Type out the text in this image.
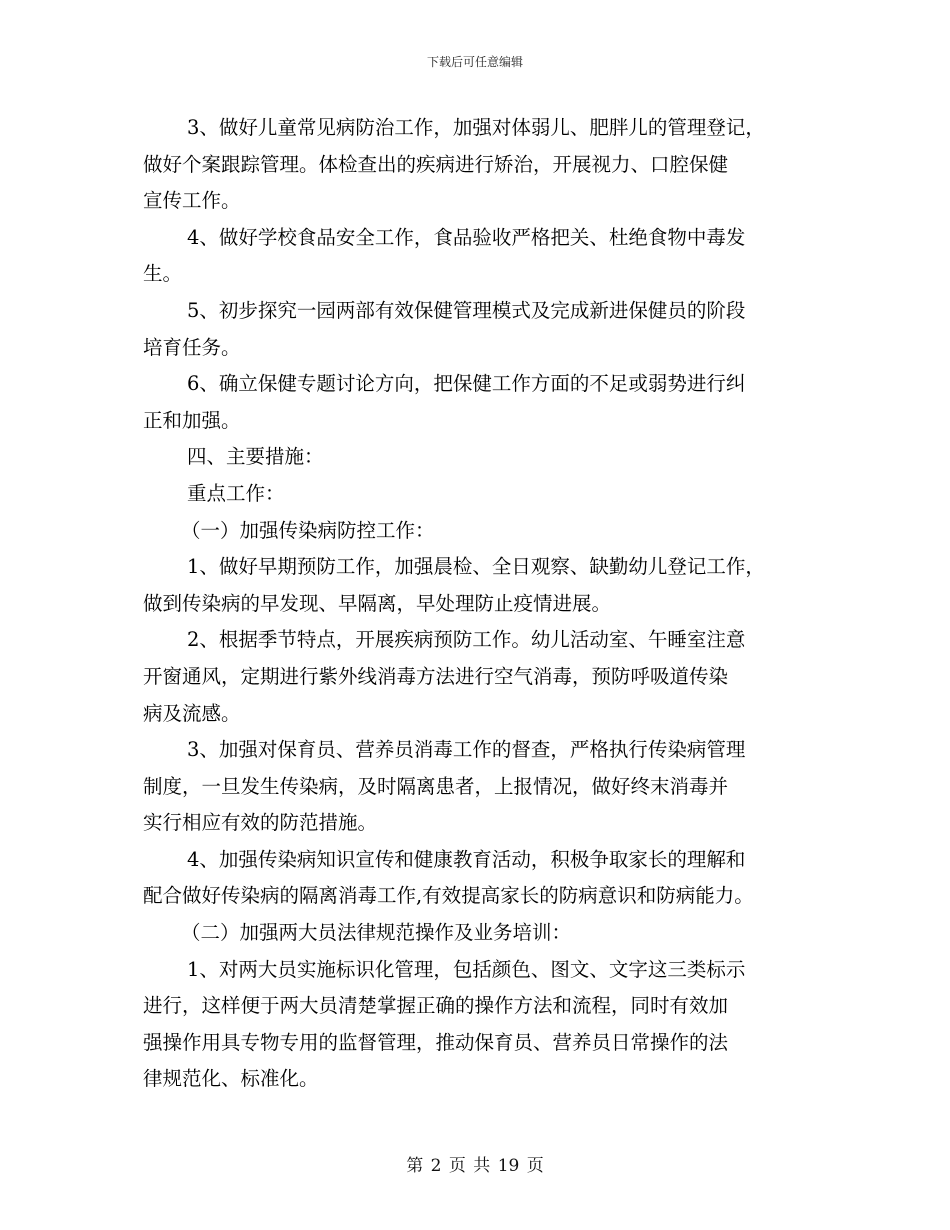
下载后可任意编辑
3、做好儿童常见病防治工作，加强对体弱儿、肥胖儿的管理登记，
做好个案跟踪管理。体检查出的疾病进行矫治，开展视力、口腔保健
宣传工作。
4、做好学校食品安全工作，食品验收严格把关、杜绝食物中毒发
生。
5、初步探究一园两部有效保健管理模式及完成新进保健员的阶段
培育任务。
6、确立保健专题讨论方向，把保健工作方面的不足或弱势进行纠
正和加强。
四、主要措施：
重点工作：
（一）加强传染病防控工作：
1、做好早期预防工作，加强晨检、全日观察、缺勤幼儿登记工作，
做到传染病的早发现、早隔离，早处理防止疫情进展。
2、根据季节特点，开展疾病预防工作。幼儿活动室、午睡室注意
开窗通风，定期进行紫外线消毒方法进行空气消毒，预防呼吸道传染
病及流感。
3、加强对保育员、营养员消毒工作的督查，严格执行传染病管理
制度，一旦发生传染病，及时隔离患者，上报情况，做好终末消毒并
实行相应有效的防范措施。
4、加强传染病知识宣传和健康教育活动，积极争取家长的理解和
配合做好传染病的隔离消毒工作,有效提高家长的防病意识和防病能力。
（二）加强两大员法律规范操作及业务培训：
1、对两大员实施标识化管理，包括颜色、图文、文字这三类标示
进行，这样便于两大员清楚掌握正确的操作方法和流程，同时有效加
强操作用具专物专用的监督管理，推动保育员、营养员日常操作的法
律规范化、标准化。
第 2 页 共 19 页
